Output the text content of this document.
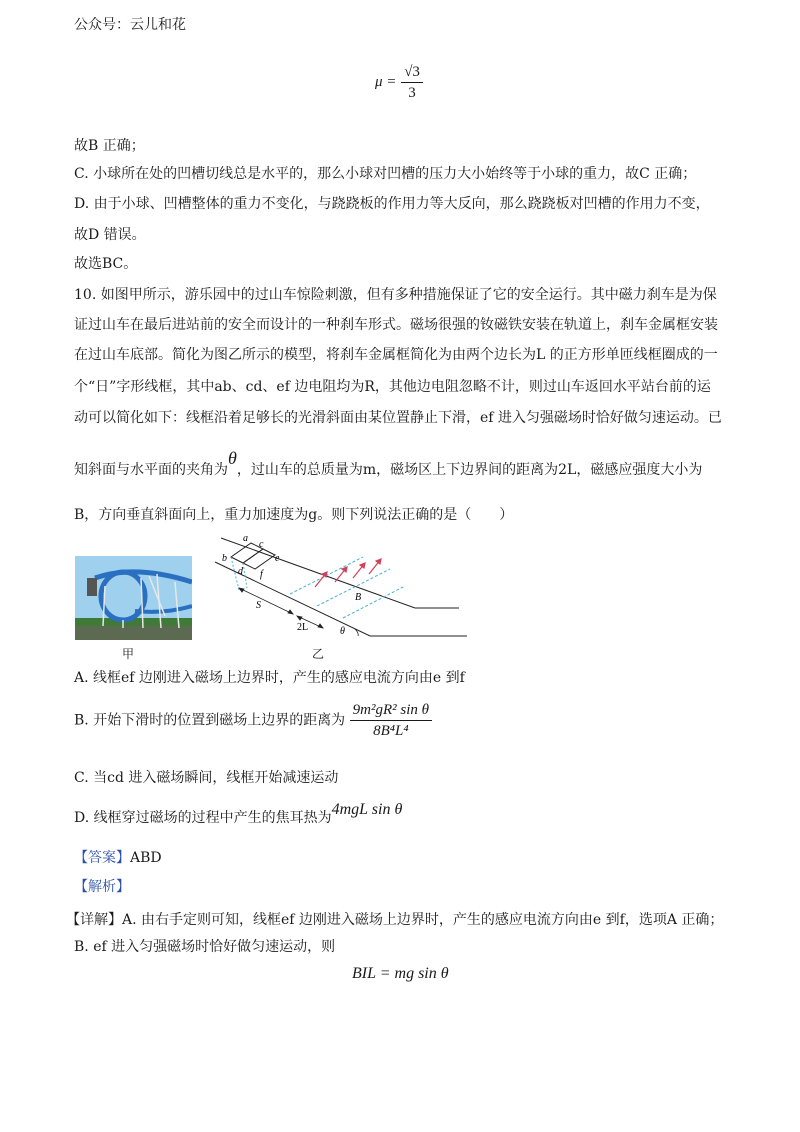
公众号：云儿和花
$\mu = \frac{√3}{3}$
故B 正确；
C. 小球所在处的凹槽切线总是水平的，那么小球对凹槽的压力大小始终等于小球的重力，故C 正确；
D. 由于小球、凹槽整体的重力不变化，与跷跷板的作用力等大反向，那么跷跷板对凹槽的作用力不变，
故D 错误。
故选BC。
10. 如图甲所示，游乐园中的过山车惊险刺激，但有多种措施保证了它的安全运行。其中磁力刹车是为保
证过山车在最后进站前的安全而设计的一种刹车形式。磁场很强的钕磁铁安装在轨道上，刹车金属框安装
在过山车底部。简化为图乙所示的模型，将刹车金属框简化为由两个边长为L 的正方形单匝线框圈成的一
个“日”字形线框，其中ab、cd、ef 边电阻均为R，其他边电阻忽略不计，则过山车返回水平站台前的运
动可以简化如下：线框沿着足够长的光滑斜面由某位置静止下滑，ef 进入匀强磁场时恰好做匀速运动。已
知斜面与水平面的夹角为θ，过山车的总质量为m，磁场区上下边界间的距离为2L，磁感应强度大小为
B，方向垂直斜面向上，重力加速度为g。则下列说法正确的是（　　）
甲
a
b
c
d
e
f
S
2L	θ
B
乙
A. 线框ef 边刚进入磁场上边界时，产生的感应电流方向由e 到f
B. 开始下滑时的位置到磁场上边界的距离为 $\frac{\text{9m²gR² sin θ}}{\text{8B⁴L⁴}}$
C. 当cd 进入磁场瞬间，线框开始减速运动
D. 线框穿过磁场的过程中产生的焦耳热为4mgL sin θ
【答案】ABD
【解析】
【详解】A. 由右手定则可知，线框ef 边刚进入磁场上边界时，产生的感应电流方向由e 到f，选项A 正确；
B. ef 进入匀强磁场时恰好做匀速运动，则
BIL = mg sin θ
